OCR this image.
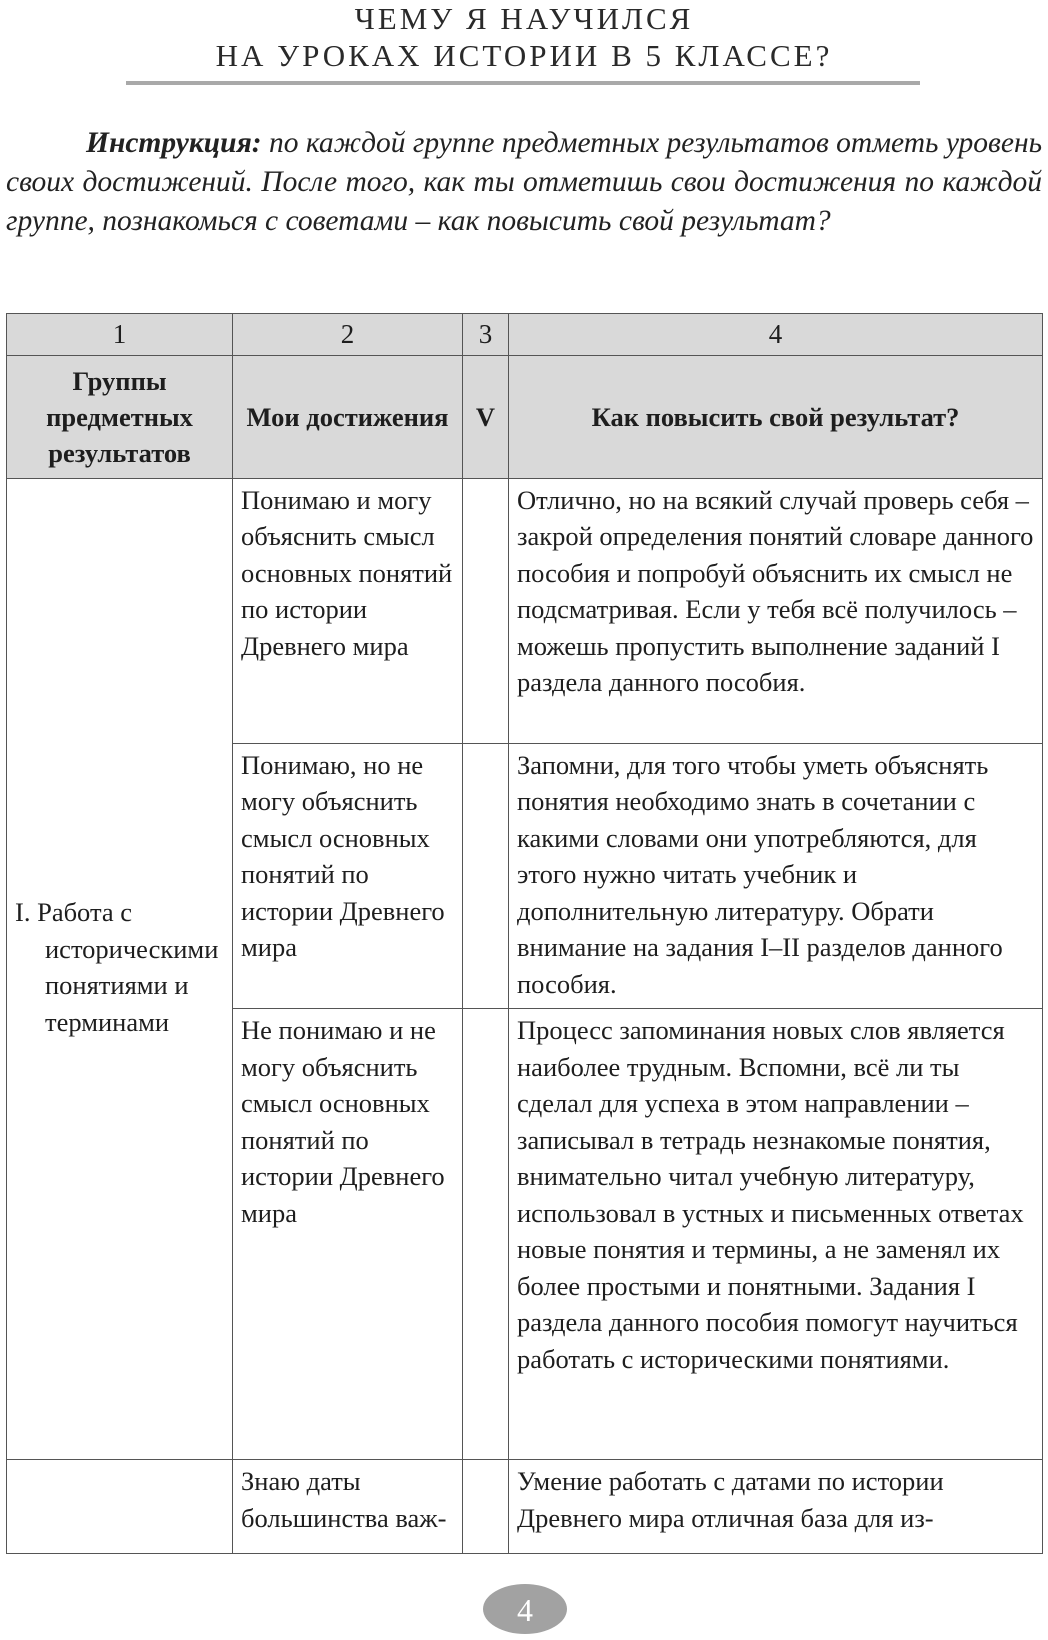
ЧЕМУ Я НАУЧИЛСЯ
НА УРОКАХ ИСТОРИИ В 5 КЛАССЕ?
Инструкция: по каждой группе предметных результатов отметь уровень своих достижений. После того, как ты отметишь свои достижения по каждой группе, познакомься с советами – как повысить свой результат?
1	2	3	4
Группы предметных результатов	Мои достижения	V	Как повысить свой результат?

I. Работа с историческими понятиями и терминами	Понимаю и могу объяснить смысл основных понятий по истории Древнего мира		Отлично, но на всякий случай проверь себя – закрой определения понятий словаре данного пособия и попробуй объяснить их смысл не подсматривая. Если у тебя всё получилось – можешь пропустить выполнение заданий I раздела данного пособия.
	Понимаю, но не могу объяснить смысл основных понятий по истории Древнего мира		Запомни, для того чтобы уметь объяснять понятия необходимо знать в сочетании с какими словами они употребляются, для этого нужно читать учебник и дополнительную литературу. Обрати внимание на задания I–II разделов данного пособия.
	Не понимаю и не могу объяснить смысл основных понятий по истории Древнего мира		Процесс запоминания новых слов является наиболее трудным. Вспомни, всё ли ты сделал для успеха в этом направлении – записывал в тетрадь незнакомые понятия, внимательно читал учебную литературу, использовал в устных и письменных ответах новые понятия и термины, а не заменял их более простыми и понятными. Задания I раздела данного пособия помогут научиться работать с историческими понятиями.
	Знаю даты большинства важ-		Умение работать с датами по истории Древнего мира отличная база для из-
4
